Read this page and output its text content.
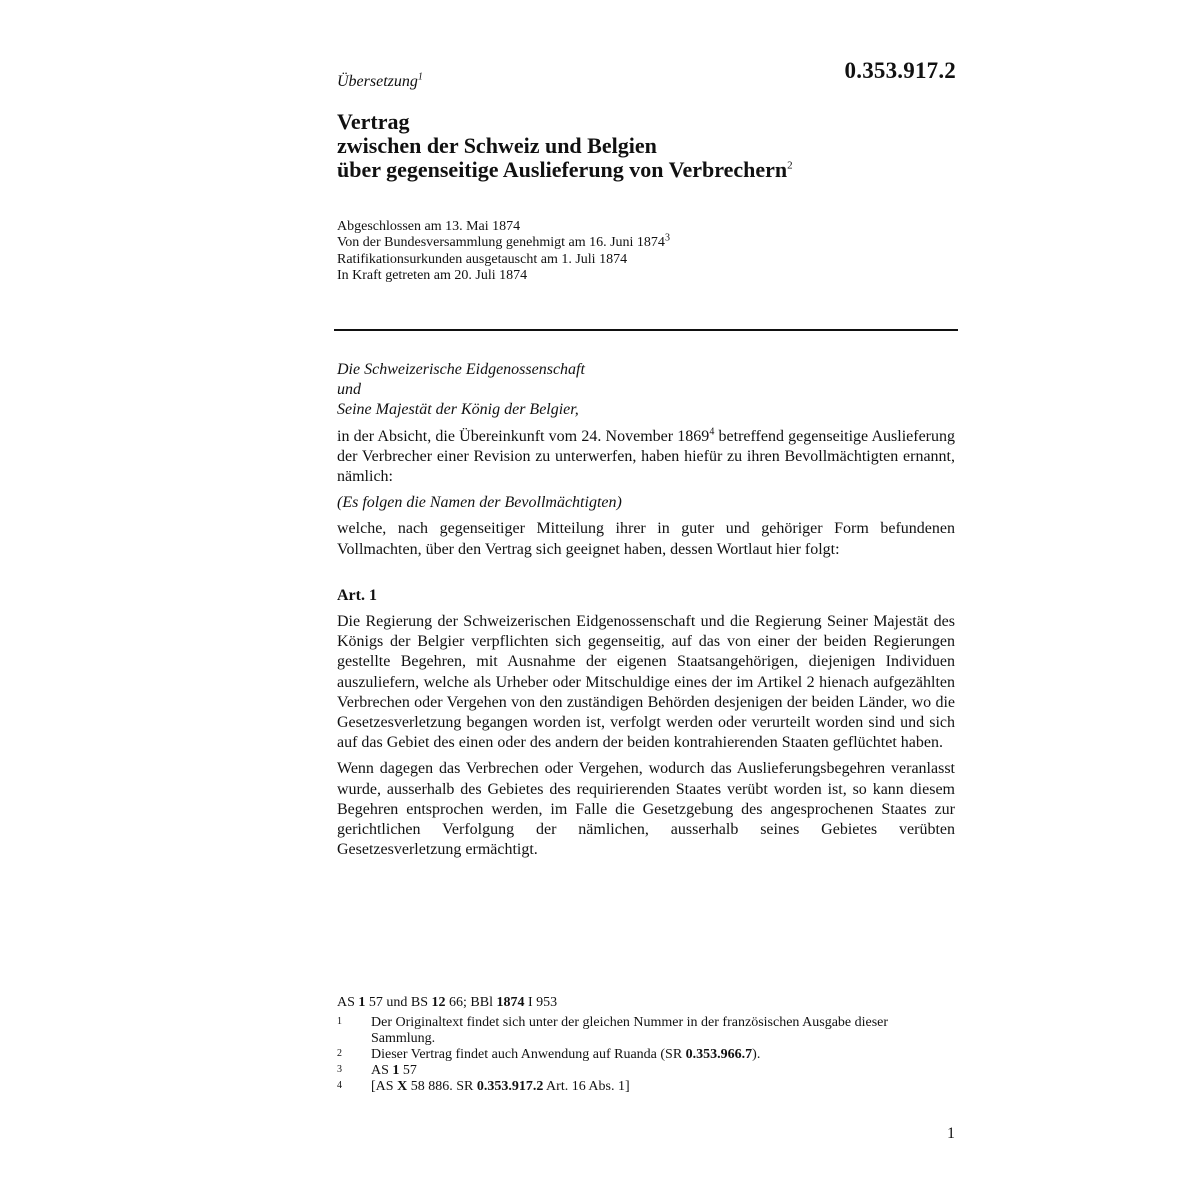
0.353.917.2
Übersetzung$^1$
Vertrag
zwischen der Schweiz und Belgien
über gegenseitige Auslieferung von Verbrechern$^2$
Abgeschlossen am 13. Mai 1874
Von der Bundesversammlung genehmigt am 16. Juni 1874$^3$
Ratifikationsurkunden ausgetauscht am 1. Juli 1874
In Kraft getreten am 20. Juli 1874
Die Schweizerische Eidgenossenschaft
und
Seine Majestät der König der Belgier,

in der Absicht, die Übereinkunft vom 24. November 1869$^4$ betreffend gegenseitige Auslieferung der Verbrecher einer Revision zu unterwerfen, haben hiefür zu ihren Bevollmächtigten ernannt, nämlich:

(Es folgen die Namen der Bevollmächtigten)

welche, nach gegenseitiger Mitteilung ihrer in guter und gehöriger Form befundenen Vollmachten, über den Vertrag sich geeignet haben, dessen Wortlaut hier folgt:

Art. 1

Die Regierung der Schweizerischen Eidgenossenschaft und die Regierung Seiner Majestät des Königs der Belgier verpflichten sich gegenseitig, auf das von einer der beiden Regierungen gestellte Begehren, mit Ausnahme der eigenen Staatsangehörigen, diejenigen Individuen auszuliefern, welche als Urheber oder Mitschuldige eines der im Artikel 2 hienach aufgezählten Verbrechen oder Vergehen von den zuständigen Behörden desjenigen der beiden Länder, wo die Gesetzesverletzung begangen worden ist, verfolgt werden oder verurteilt worden sind und sich auf das Gebiet des einen oder des andern der beiden kontrahierenden Staaten geflüchtet haben.

Wenn dagegen das Verbrechen oder Vergehen, wodurch das Auslieferungsbegehren veranlasst wurde, ausserhalb des Gebietes des requirierenden Staates verübt worden ist, so kann diesem Begehren entsprochen werden, im Falle die Gesetzgebung des angesprochenen Staates zur gerichtlichen Verfolgung der nämlichen, ausserhalb seines Gebietes verübten Gesetzesverletzung ermächtigt.

AS 1 57 und BS 12 66; BBl 1874 I 953
1	Der Originaltext findet sich unter der gleichen Nummer in der französischen Ausgabe dieser Sammlung.
2	Dieser Vertrag findet auch Anwendung auf Ruanda (SR 0.353.966.7).
3	AS 1 57
4	[AS X 58 886. SR 0.353.917.2 Art. 16 Abs. 1]
1
